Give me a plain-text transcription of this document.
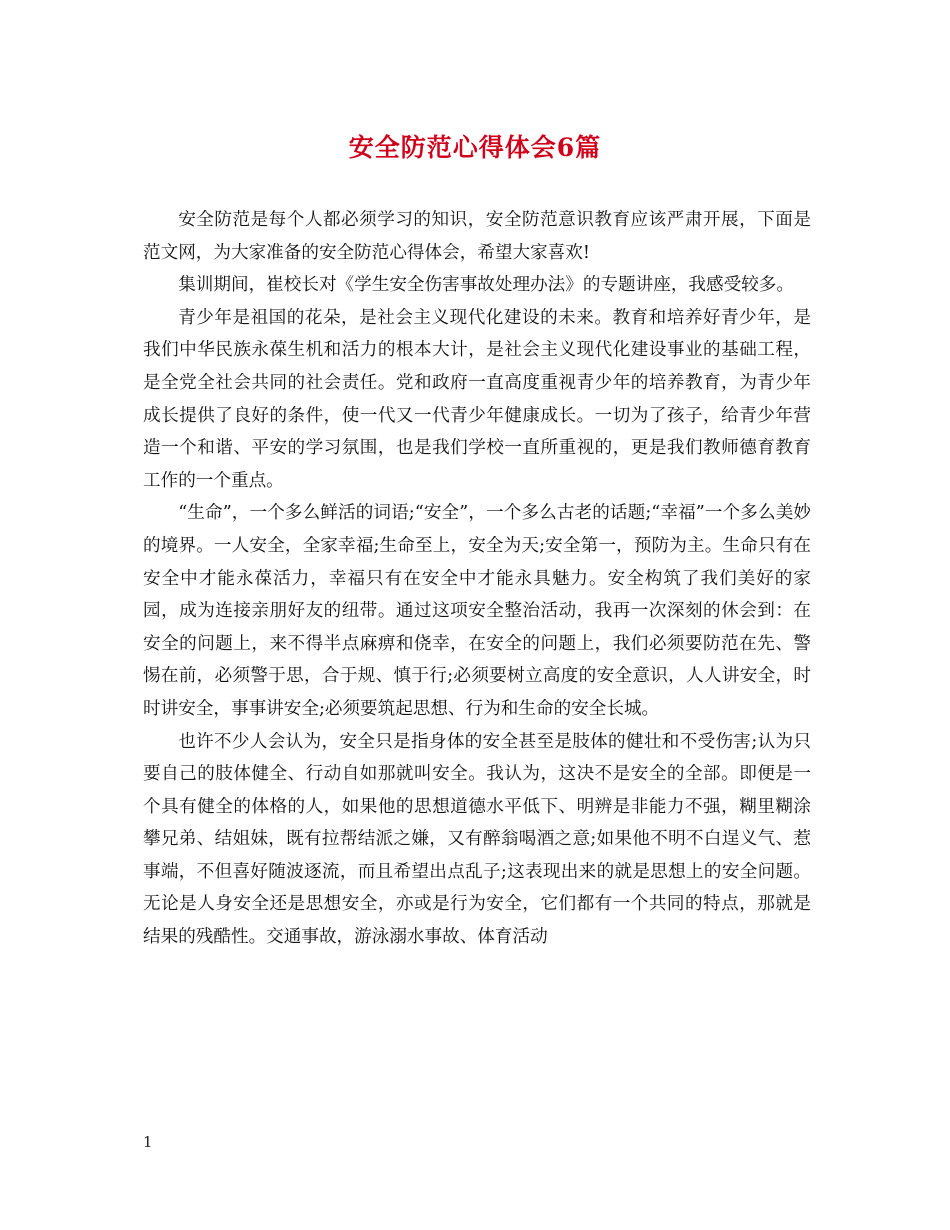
安全防范心得体会6篇

安全防范是每个人都必须学习的知识，安全防范意识教育应该严肃开展，下面是范文网，为大家准备的安全防范心得体会，希望大家喜欢!

集训期间，崔校长对《学生安全伤害事故处理办法》的专题讲座，我感受较多。

青少年是祖国的花朵，是社会主义现代化建设的未来。教育和培养好青少年，是我们中华民族永葆生机和活力的根本大计，是社会主义现代化建设事业的基础工程，是全党全社会共同的社会责任。党和政府一直高度重视青少年的培养教育，为青少年成长提供了良好的条件，使一代又一代青少年健康成长。一切为了孩子，给青少年营造一个和谐、平安的学习氛围，也是我们学校一直所重视的，更是我们教师德育教育工作的一个重点。

“生命”，一个多么鲜活的词语;“安全”，一个多么古老的话题;“幸福”一个多么美妙的境界。一人安全，全家幸福;生命至上，安全为天;安全第一，预防为主。生命只有在安全中才能永葆活力，幸福只有在安全中才能永具魅力。安全构筑了我们美好的家园，成为连接亲朋好友的纽带。通过这项安全整治活动，我再一次深刻的休会到：在安全的问题上，来不得半点麻痹和侥幸，在安全的问题上，我们必须要防范在先、警惕在前，必须警于思，合于规、慎于行;必须要树立高度的安全意识，人人讲安全，时时讲安全，事事讲安全;必须要筑起思想、行为和生命的安全长城。

也许不少人会认为，安全只是指身体的安全甚至是肢体的健壮和不受伤害;认为只要自己的肢体健全、行动自如那就叫安全。我认为，这决不是安全的全部。即便是一个具有健全的体格的人，如果他的思想道德水平低下、明辨是非能力不强，糊里糊涂攀兄弟、结姐妹，既有拉帮结派之嫌，又有醉翁喝酒之意;如果他不明不白逞义气、惹事端，不但喜好随波逐流，而且希望出点乱子;这表现出来的就是思想上的安全问题。无论是人身安全还是思想安全，亦或是行为安全，它们都有一个共同的特点，那就是结果的残酷性。交通事故，游泳溺水事故、体育活动

1
